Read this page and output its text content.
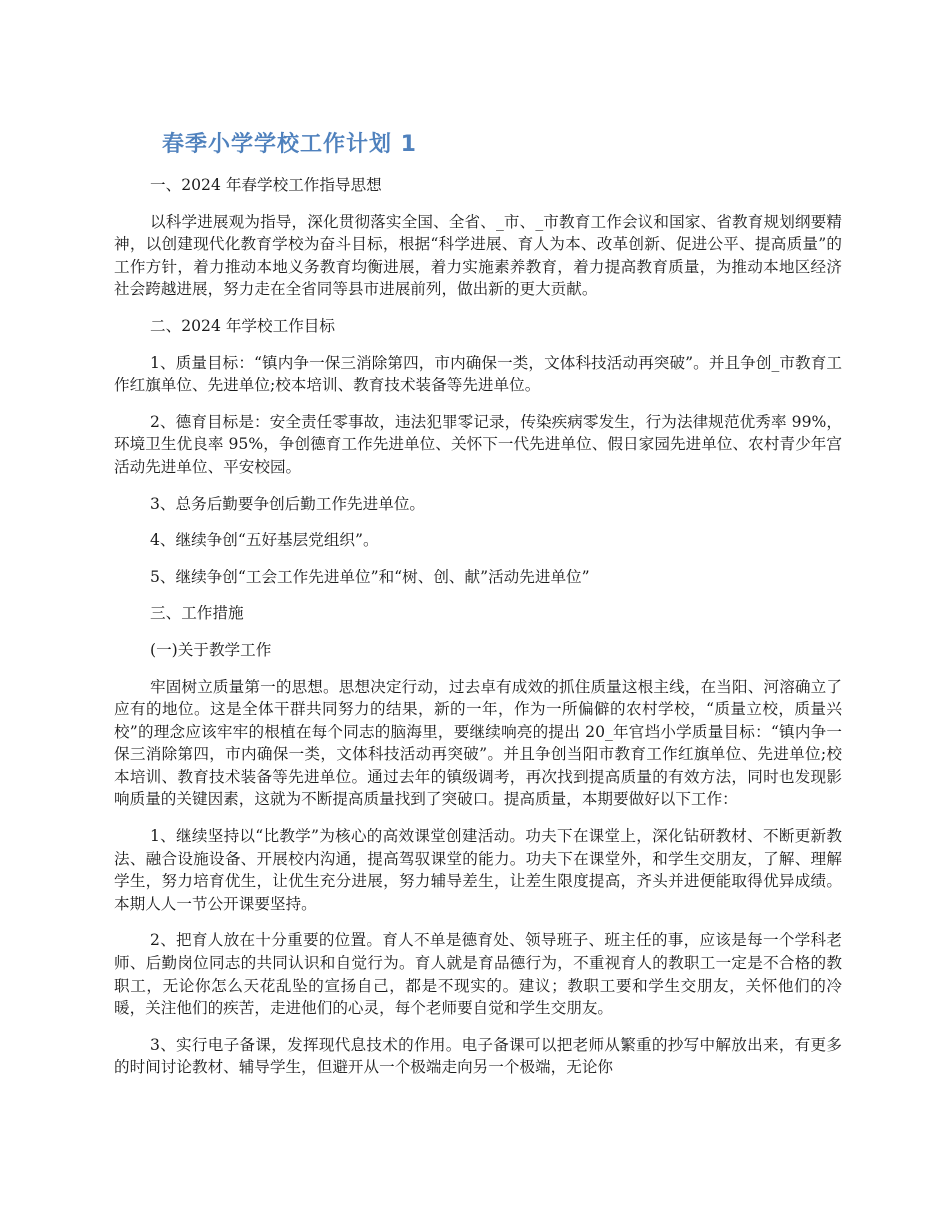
春季小学学校工作计划 1

一、2024 年春学校工作指导思想

以科学进展观为指导，深化贯彻落实全国、全省、_市、_市教育工作会议和国家、省教育规划纲要精神，以创建现代化教育学校为奋斗目标，根据“科学进展、育人为本、改革创新、促进公平、提高质量”的工作方针，着力推动本地义务教育均衡进展，着力实施素养教育，着力提高教育质量，为推动本地区经济社会跨越进展，努力走在全省同等县市进展前列，做出新的更大贡献。

二、2024 年学校工作目标

1、质量目标：“镇内争一保三消除第四，市内确保一类，文体科技活动再突破”。并且争创_市教育工作红旗单位、先进单位;校本培训、教育技术装备等先进单位。

2、德育目标是：安全责任零事故，违法犯罪零记录，传染疾病零发生，行为法律规范优秀率 99%，环境卫生优良率 95%，争创德育工作先进单位、关怀下一代先进单位、假日家园先进单位、农村青少年宫活动先进单位、平安校园。

3、总务后勤要争创后勤工作先进单位。

4、继续争创“五好基层党组织”。

5、继续争创“工会工作先进单位”和“树、创、献”活动先进单位”

三、工作措施

(一)关于教学工作

牢固树立质量第一的思想。思想决定行动，过去卓有成效的抓住质量这根主线，在当阳、河溶确立了应有的地位。这是全体干群共同努力的结果，新的一年，作为一所偏僻的农村学校，“质量立校，质量兴校”的理念应该牢牢的根植在每个同志的脑海里，要继续响亮的提出 20_年官垱小学质量目标：“镇内争一保三消除第四，市内确保一类，文体科技活动再突破”。并且争创当阳市教育工作红旗单位、先进单位;校本培训、教育技术装备等先进单位。通过去年的镇级调考，再次找到提高质量的有效方法，同时也发现影响质量的关键因素，这就为不断提高质量找到了突破口。提高质量，本期要做好以下工作：

1、继续坚持以“比教学”为核心的高效课堂创建活动。功夫下在课堂上，深化钻研教材、不断更新教法、融合设施设备、开展校内沟通，提高驾驭课堂的能力。功夫下在课堂外，和学生交朋友，了解、理解学生，努力培育优生，让优生充分进展，努力辅导差生，让差生限度提高，齐头并进便能取得优异成绩。本期人人一节公开课要坚持。

2、把育人放在十分重要的位置。育人不单是德育处、领导班子、班主任的事，应该是每一个学科老师、后勤岗位同志的共同认识和自觉行为。育人就是育品德行为，不重视育人的教职工一定是不合格的教职工，无论你怎么天花乱坠的宣扬自己，都是不现实的。建议；教职工要和学生交朋友，关怀他们的冷暖，关注他们的疾苦，走进他们的心灵，每个老师要自觉和学生交朋友。

3、实行电子备课，发挥现代息技术的作用。电子备课可以把老师从繁重的抄写中解放出来，有更多的时间讨论教材、辅导学生，但避开从一个极端走向另一个极端，无论你
